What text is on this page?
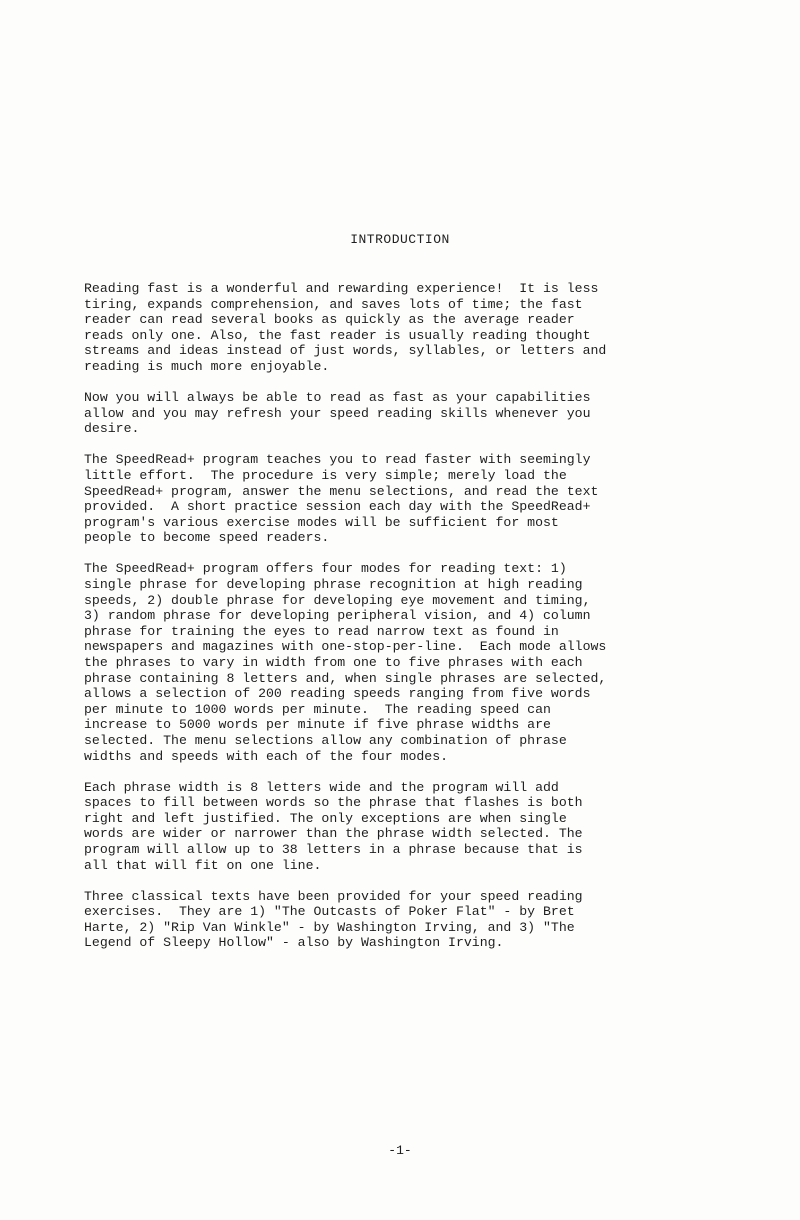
INTRODUCTION

Reading fast is a wonderful and rewarding experience!  It is less
tiring, expands comprehension, and saves lots of time; the fast
reader can read several books as quickly as the average reader
reads only one. Also, the fast reader is usually reading thought
streams and ideas instead of just words, syllables, or letters and
reading is much more enjoyable.

Now you will always be able to read as fast as your capabilities
allow and you may refresh your speed reading skills whenever you
desire.

The SpeedRead+ program teaches you to read faster with seemingly
little effort.  The procedure is very simple; merely load the
SpeedRead+ program, answer the menu selections, and read the text
provided.  A short practice session each day with the SpeedRead+
program's various exercise modes will be sufficient for most
people to become speed readers.

The SpeedRead+ program offers four modes for reading text: 1)
single phrase for developing phrase recognition at high reading
speeds, 2) double phrase for developing eye movement and timing,
3) random phrase for developing peripheral vision, and 4) column
phrase for training the eyes to read narrow text as found in
newspapers and magazines with one-stop-per-line.  Each mode allows
the phrases to vary in width from one to five phrases with each
phrase containing 8 letters and, when single phrases are selected,
allows a selection of 200 reading speeds ranging from five words
per minute to 1000 words per minute.  The reading speed can
increase to 5000 words per minute if five phrase widths are
selected. The menu selections allow any combination of phrase
widths and speeds with each of the four modes.

Each phrase width is 8 letters wide and the program will add
spaces to fill between words so the phrase that flashes is both
right and left justified. The only exceptions are when single
words are wider or narrower than the phrase width selected. The
program will allow up to 38 letters in a phrase because that is
all that will fit on one line.

Three classical texts have been provided for your speed reading
exercises.  They are 1) "The Outcasts of Poker Flat" - by Bret
Harte, 2) "Rip Van Winkle" - by Washington Irving, and 3) "The
Legend of Sleepy Hollow" - also by Washington Irving.

-1-
